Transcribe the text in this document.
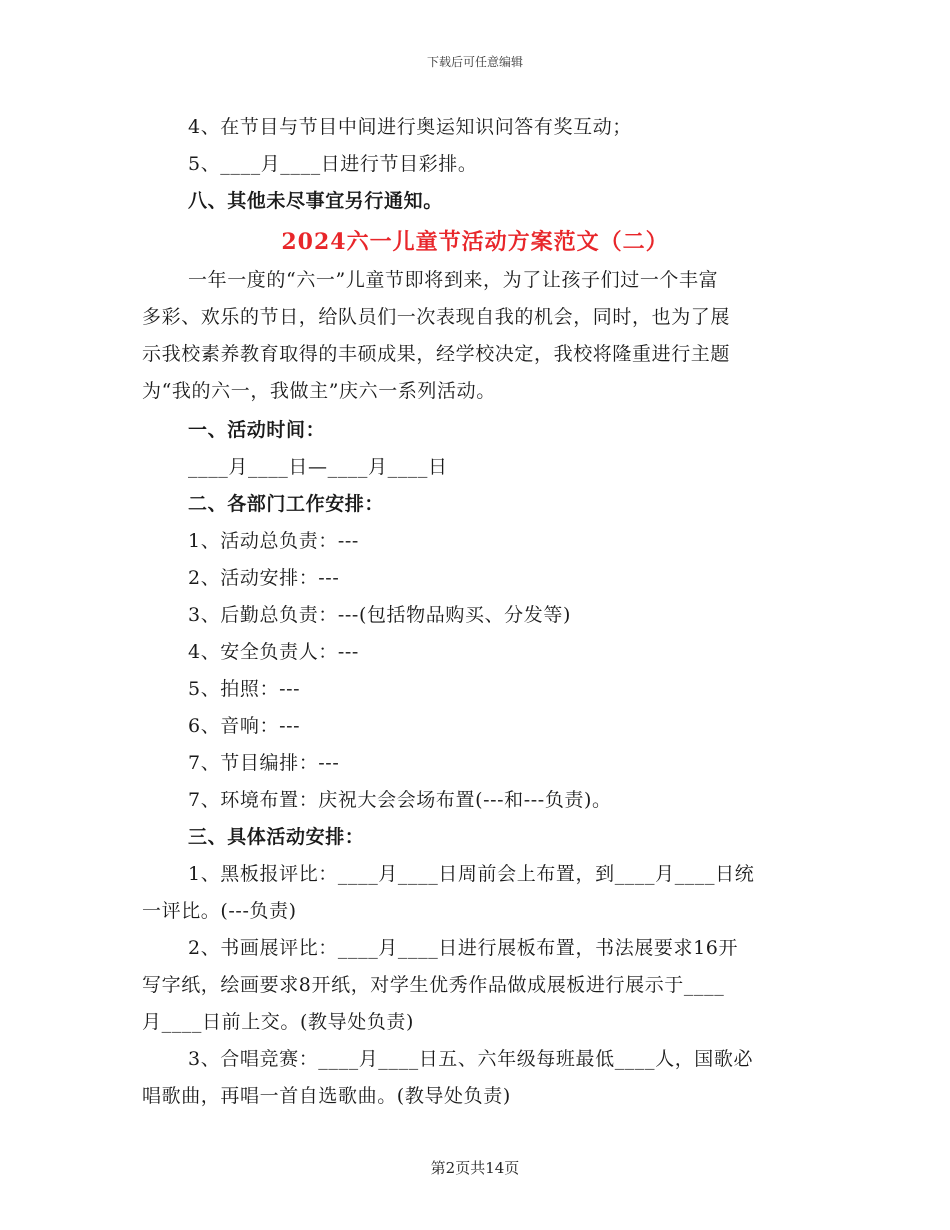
下载后可任意编辑
4、在节目与节目中间进行奥运知识问答有奖互动；
5、____月____日进行节目彩排。
八、其他未尽事宜另行通知。
2024六一儿童节活动方案范文（二）
一年一度的“六一”儿童节即将到来，为了让孩子们过一个丰富
多彩、欢乐的节日，给队员们一次表现自我的机会，同时，也为了展
示我校素养教育取得的丰硕成果，经学校决定，我校将隆重进行主题
为“我的六一，我做主”庆六一系列活动。
一、活动时间：
____月____日—____月____日
二、各部门工作安排：
1、活动总负责：---
2、活动安排：---
3、后勤总负责：---(包括物品购买、分发等)
4、安全负责人：---
5、拍照：---
6、音响：---
7、节目编排：---
7、环境布置：庆祝大会会场布置(---和---负责)。
三、具体活动安排：
1、黑板报评比：____月____日周前会上布置，到____月____日统
一评比。(---负责)
2、书画展评比：____月____日进行展板布置，书法展要求16开
写字纸，绘画要求8开纸，对学生优秀作品做成展板进行展示于____
月____日前上交。(教导处负责)
3、合唱竞赛：____月____日五、六年级每班最低____人，国歌必
唱歌曲，再唱一首自选歌曲。(教导处负责)
第2页共14页
